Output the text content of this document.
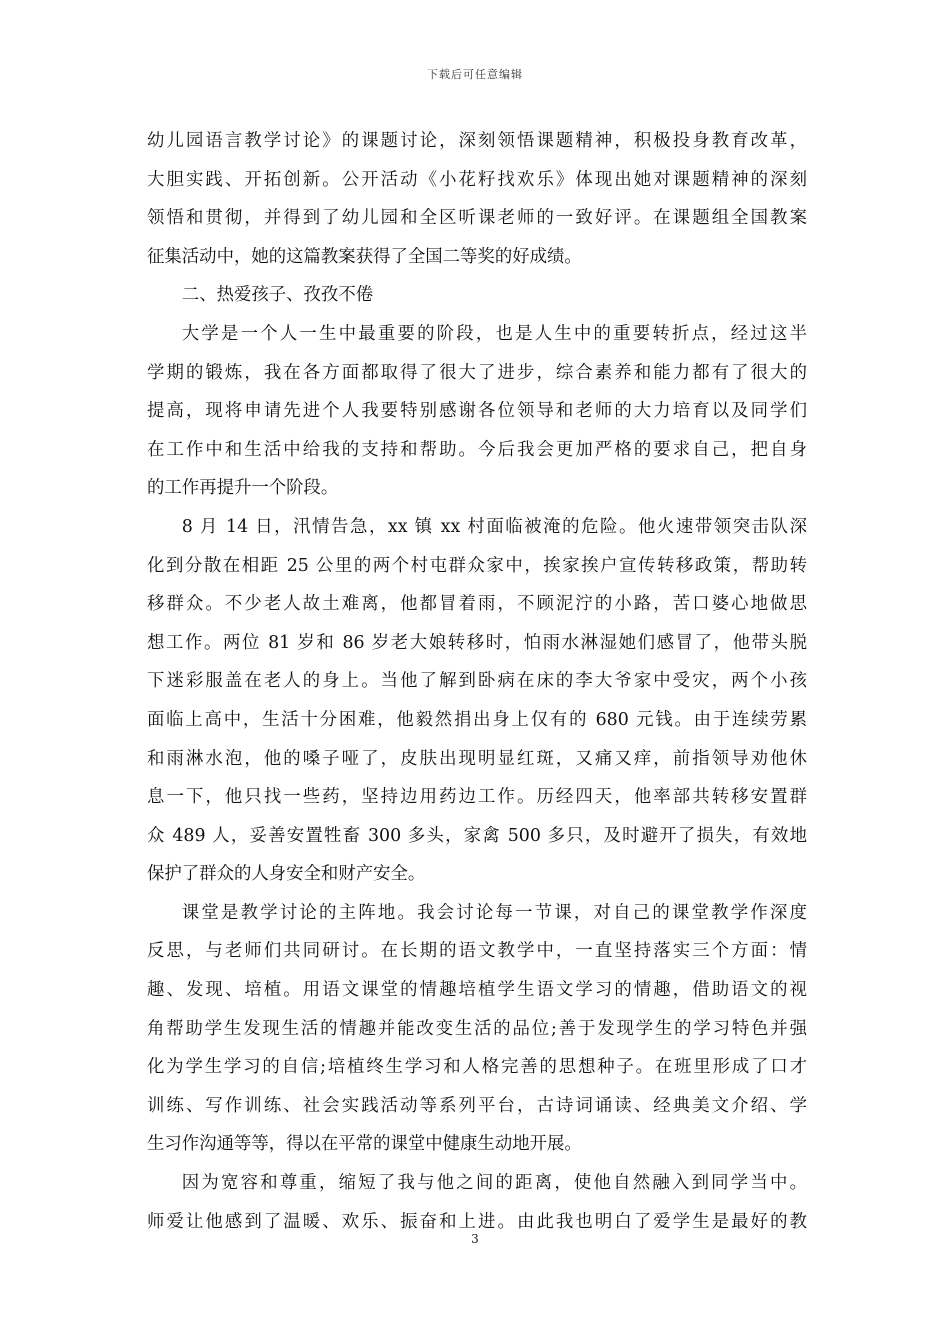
下载后可任意编辑
幼儿园语言教学讨论》的课题讨论，深刻领悟课题精神，积极投身教育改革，
大胆实践、开拓创新。公开活动《小花籽找欢乐》体现出她对课题精神的深刻
领悟和贯彻，并得到了幼儿园和全区听课老师的一致好评。在课题组全国教案
征集活动中，她的这篇教案获得了全国二等奖的好成绩。
二、热爱孩子、孜孜不倦
大学是一个人一生中最重要的阶段，也是人生中的重要转折点，经过这半
学期的锻炼，我在各方面都取得了很大了进步，综合素养和能力都有了很大的
提高，现将申请先进个人我要特别感谢各位领导和老师的大力培育以及同学们
在工作中和生活中给我的支持和帮助。今后我会更加严格的要求自己，把自身
的工作再提升一个阶段。
8 月 14 日，汛情告急，xx 镇 xx 村面临被淹的危险。他火速带领突击队深
化到分散在相距 25 公里的两个村屯群众家中，挨家挨户宣传转移政策，帮助转
移群众。不少老人故土难离，他都冒着雨，不顾泥泞的小路，苦口婆心地做思
想工作。两位 81 岁和 86 岁老大娘转移时，怕雨水淋湿她们感冒了，他带头脱
下迷彩服盖在老人的身上。当他了解到卧病在床的李大爷家中受灾，两个小孩
面临上高中，生活十分困难，他毅然捐出身上仅有的 680 元钱。由于连续劳累
和雨淋水泡，他的嗓子哑了，皮肤出现明显红斑，又痛又痒，前指领导劝他休
息一下，他只找一些药，坚持边用药边工作。历经四天，他率部共转移安置群
众 489 人，妥善安置牲畜 300 多头，家禽 500 多只，及时避开了损失，有效地
保护了群众的人身安全和财产安全。
课堂是教学讨论的主阵地。我会讨论每一节课，对自己的课堂教学作深度
反思，与老师们共同研讨。在长期的语文教学中，一直坚持落实三个方面：情
趣、发现、培植。用语文课堂的情趣培植学生语文学习的情趣，借助语文的视
角帮助学生发现生活的情趣并能改变生活的品位;善于发现学生的学习特色并强
化为学生学习的自信;培植终生学习和人格完善的思想种子。在班里形成了口才
训练、写作训练、社会实践活动等系列平台，古诗词诵读、经典美文介绍、学
生习作沟通等等，得以在平常的课堂中健康生动地开展。
因为宽容和尊重，缩短了我与他之间的距离，使他自然融入到同学当中。
师爱让他感到了温暖、欢乐、振奋和上进。由此我也明白了爱学生是最好的教
3
